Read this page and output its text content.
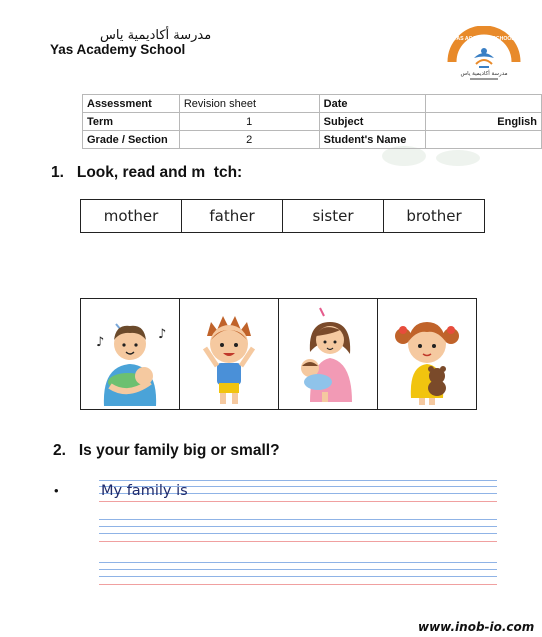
مدرسة أكاديمية ياس
Yas Academy School
YAS ACADEMY SCHOOL
مدرسة أكاديمية ياس
Assessment	Revision sheet	Date	
Term	1	Subject	English
Grade / Section	2	Student's Name	
1.   Look, read and m  tch:
mother	father	sister	brother
♪
♪

2.   Is your family big or small?
•	My family is
www.inob-io.com
